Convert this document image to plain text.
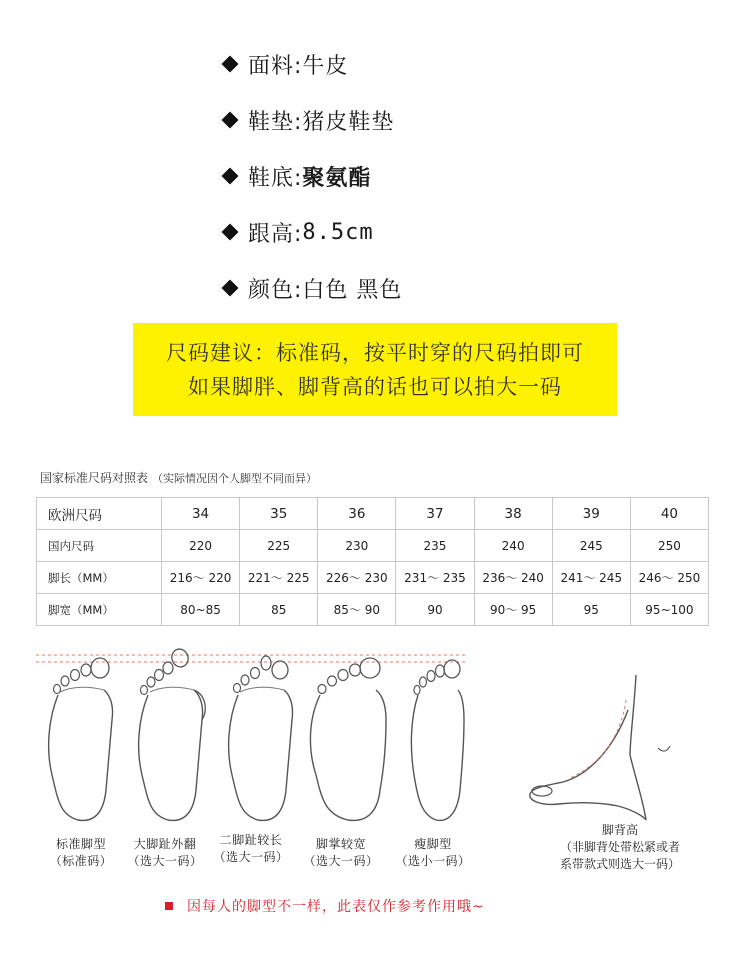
面料: 牛皮
鞋垫: 猪皮鞋垫
鞋底: 聚氨酯
跟高: 8.5cm
颜色: 白色 黑色
尺码建议：标准码，按平时穿的尺码拍即可
如果脚胖、脚背高的话也可以拍大一码
国家标准尺码对照表 （实际情况因个人脚型不同而异）
欧洲尺码	34	35	36	37	38	39	40
国内尺码	220	225	230	235	240	245	250
脚长（MM）	216～ 220	221～ 225	226～ 230	231～ 235	236～ 240	241～ 245	246～ 250
脚宽（MM）	80~85	85	85～ 90	90	90～ 95	95	95~100
标准脚型
（标准码）
大脚趾外翻
（选大一码）
二脚趾较长
（选大一码）
脚掌较宽
（选大一码）
瘦脚型
（选小一码）
脚背高
（非脚背处带松紧或者
系带款式则选大一码）
因每人的脚型不一样，此表仅作参考作用哦~
